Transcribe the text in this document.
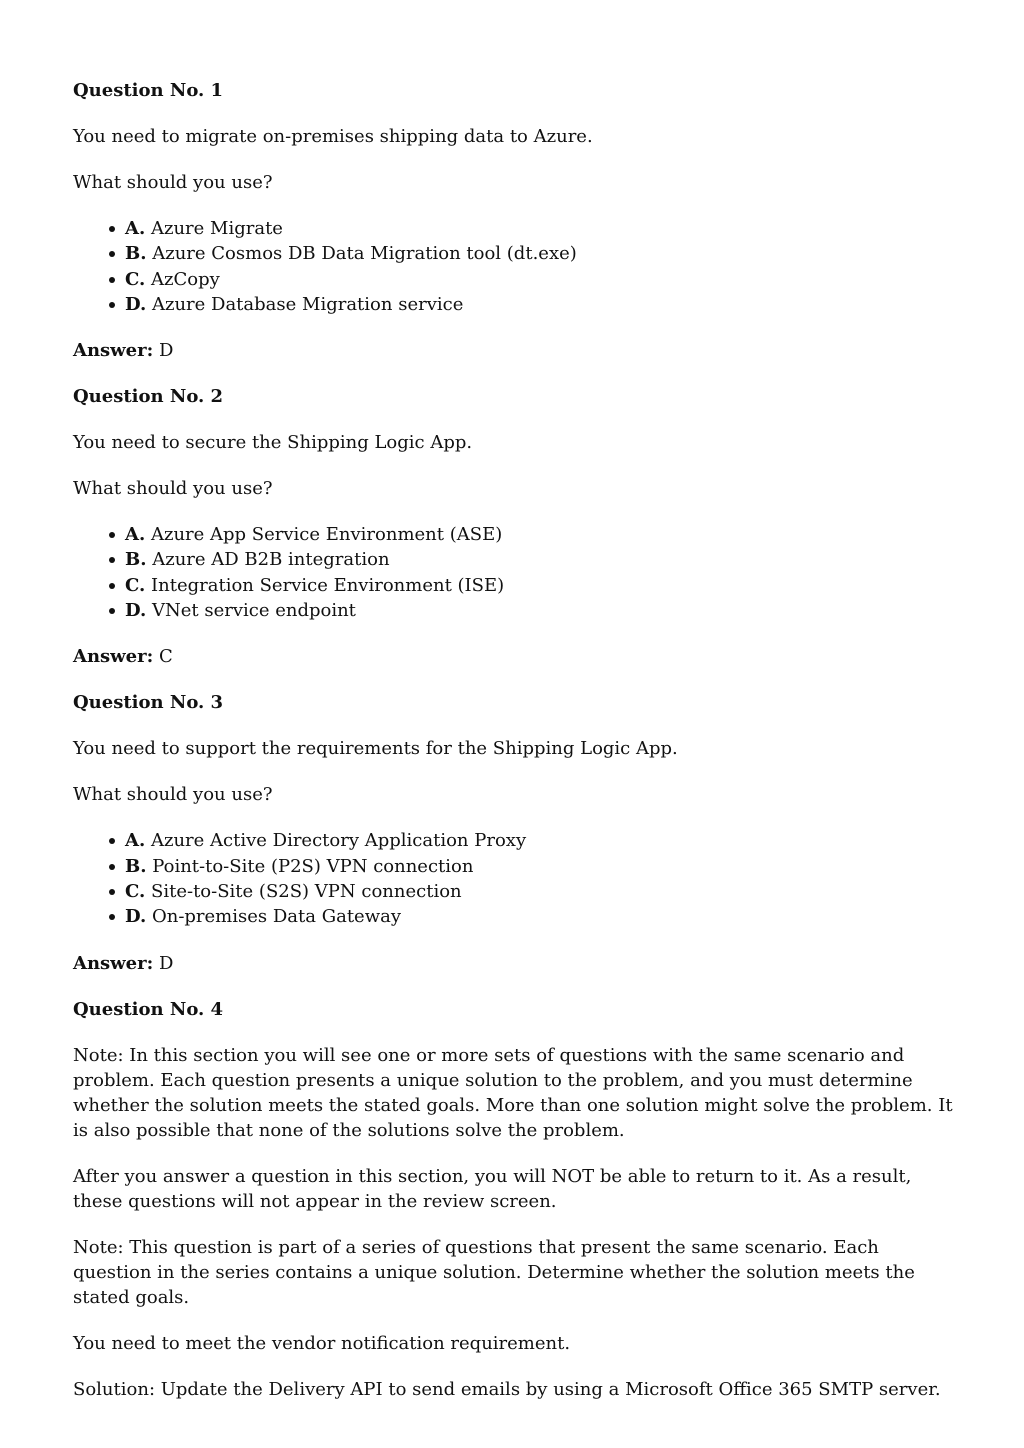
Question No. 1

You need to migrate on-premises shipping data to Azure.

What should you use?

A. Azure Migrate
B. Azure Cosmos DB Data Migration tool (dt.exe)
C. AzCopy
D. Azure Database Migration service

Answer: D

Question No. 2

You need to secure the Shipping Logic App.

What should you use?

A. Azure App Service Environment (ASE)
B. Azure AD B2B integration
C. Integration Service Environment (ISE)
D. VNet service endpoint

Answer: C

Question No. 3

You need to support the requirements for the Shipping Logic App.

What should you use?

A. Azure Active Directory Application Proxy
B. Point-to-Site (P2S) VPN connection
C. Site-to-Site (S2S) VPN connection
D. On-premises Data Gateway

Answer: D

Question No. 4

Note: In this section you will see one or more sets of questions with the same scenario and problem. Each question presents a unique solution to the problem, and you must determine whether the solution meets the stated goals. More than one solution might solve the problem. It is also possible that none of the solutions solve the problem.

After you answer a question in this section, you will NOT be able to return to it. As a result, these questions will not appear in the review screen.

Note: This question is part of a series of questions that present the same scenario. Each question in the series contains a unique solution. Determine whether the solution meets the stated goals.

You need to meet the vendor notification requirement.

Solution: Update the Delivery API to send emails by using a Microsoft Office 365 SMTP server.
